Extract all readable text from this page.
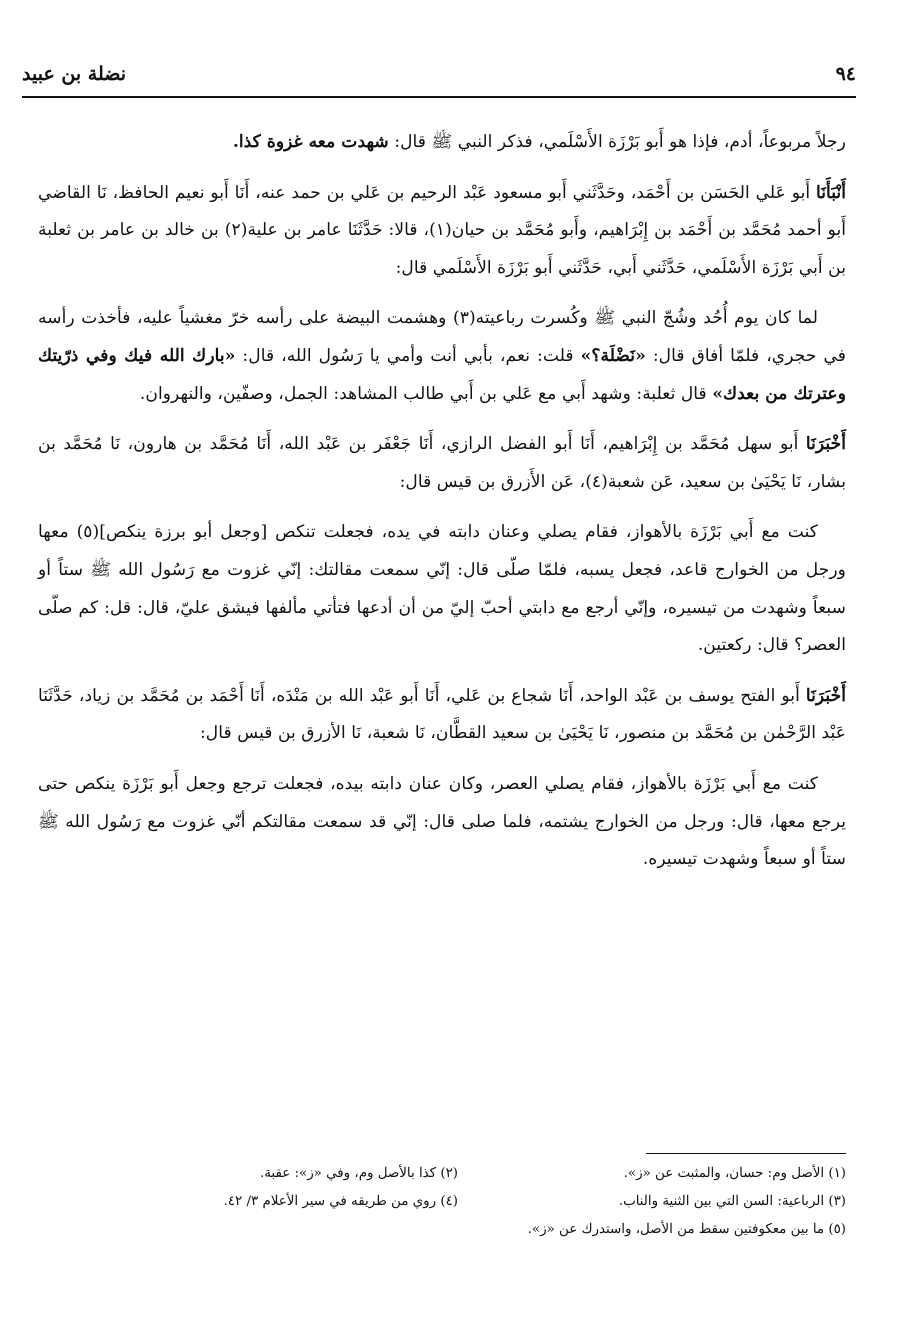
٩٤
نضلة بن عبيد

رجلاً مربوعاً، أدم، فإذا هو أَبو بَرْزَة الأَسْلَمي، فذكر النبي ﷺ قال: شهدت معه غزوة كذا.

أَنْبَأَنَا أَبو عَلي الحَسَن بن أَحْمَد، وحَدَّثَني أَبو مسعود عَبْد الرحيم بن عَلي بن حمد عنه، أَنَا أَبو نعيم الحافظ، نَا القاضي أَبو أحمد مُحَمَّد بن أَحْمَد بن إِبْرَاهيم، وأَبو مُحَمَّد بن حيان(١)، قالا: حَدَّثَنَا عامر بن علية(٢) بن خالد بن عامر بن ثعلبة بن أَبي بَرْزَة الأَسْلَمي، حَدَّثَني أَبي، حَدَّثَني أَبو بَرْزَة الأَسْلَمي قال:

لما كان يوم أُحُد وشُجّ النبي ﷺ وكُسرت رباعيته(٣) وهشمت البيضة على رأسه خرّ مغشياً عليه، فأخذت رأسه في حجري، فلمّا أفاق قال: «نَضْلَة؟» قلت: نعم، بأبي أنت وأمي يا رَسُول الله، قال: «بارك الله فيك وفي ذرّيتك وعترتك من بعدك» قال ثعلبة: وشهد أَبي مع عَلي بن أَبي طالب المشاهد: الجمل، وصفّين، والنهروان.

أَخْبَرَنَا أَبو سهل مُحَمَّد بن إِبْرَاهيم، أَنَا أَبو الفضل الرازي، أَنَا جَعْفَر بن عَبْد الله، أَنَا مُحَمَّد بن هارون، نَا مُحَمَّد بن بشار، نَا يَحْيَىٰ بن سعيد، عَن شعبة(٤)، عَن الأَزرق بن قيس قال:

كنت مع أَبي بَرْزَة بالأهواز، فقام يصلي وعنان دابته في يده، فجعلت تنكص [وجعل أبو برزة ينكص](٥) معها ورجل من الخوارج قاعد، فجعل يسبه، فلمّا صلّى قال: إنّي سمعت مقالتك: إنّي غزوت مع رَسُول الله ﷺ ستاً أو سبعاً وشهدت من تيسيره، وإنّي أرجع مع دابتي أحبّ إليّ من أن أدعها فتأتي مألفها فيشق عليّ، قال: قل: كم صلّى العصر؟ قال: ركعتين.

أَخْبَرَنَا أَبو الفتح يوسف بن عَبْد الواحد، أَنَا شجاع بن عَلي، أَنَا أَبو عَبْد الله بن مَنْدَه، أَنَا أَحْمَد بن مُحَمَّد بن زياد، حَدَّثَنَا عَبْد الرَّحْمٰن بن مُحَمَّد بن منصور، نَا يَحْيَىٰ بن سعيد القطَّان، نَا شعبة، نَا الأزرق بن قيس قال:

كنت مع أَبي بَرْزَة بالأهواز، فقام يصلي العصر، وكان عنان دابته بيده، فجعلت ترجع وجعل أَبو بَرْزَة ينكص حتى يرجع معها، قال: ورجل من الخوارج يشتمه، فلما صلى قال: إنّي قد سمعت مقالتكم أنّي غزوت مع رَسُول الله ﷺ ستاً أو سبعاً وشهدت تيسيره.

(١) الأصل وم: حسان، والمثبت عن «ز».
(٢) كذا بالأصل وم، وفي «ز»: عقبة.
(٣) الرباعية: السن التي بين الثنية والناب.
(٤) روي من طريقه في سير الأعلام ٣/ ٤٢.
(٥) ما بين معكوفتين سقط من الأصل، واستدرك عن «ز».
